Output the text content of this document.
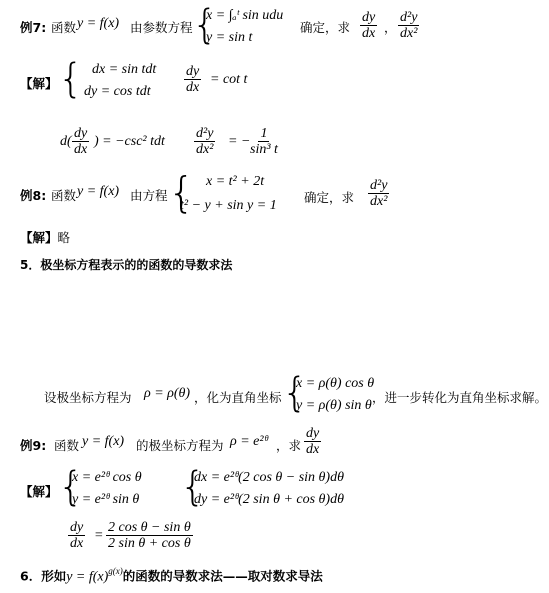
例7: 函数 y = f(x) 由参数方程 {
x = ∫ₐᵗ sin udu
y = sin t
确定，求 $\frac{dy}{dx}$ ， $\frac{\text{d²y}}{\text{dx²}}$
【解】 { dx = sin tdt
dy = cos tdt $\frac{dy}{dx} = \cot t$
$d( \frac{dy}{dx}$ ) = −csc² tdt $\frac{\text{d²y}}{\text{dx²}}$ = −
$\frac{1}{\text{sin³ t}}$
例8: 函数 y = f(x) 由方程 { x = t² + 2t
t² − y + sin y = 1
确定，求 $\frac{\text{d²y}}{\text{dx²}}$
【解】略
5．极坐标方程表示的的函数的导数求法
设极坐标方程为 ρ = ρ(θ) ，化为直角坐标 {
x = ρ(θ) cos θ
y = ρ(θ) sin θ
，进一步转化为直角坐标求解。
例9: 函数 y = f(x) 的极坐标方程为 ρ = e²ᶿ ，求 $\frac{dy}{dx}$
【解】 {
x = e²ᶿ cos θ
y = e²ᶿ sin θ {
dx = e²ᶿ(2 cos θ − sin θ)dθ
dy = e²ᶿ(2 sin θ + cos θ)dθ
$\frac{dy}{dx} = \frac{\text{2 cos θ − sin θ}}{\text{2 sin θ + cos θ}}$
6．形如$y = f(x)^{g(x)}$的函数的导数求法——取对数求导法
